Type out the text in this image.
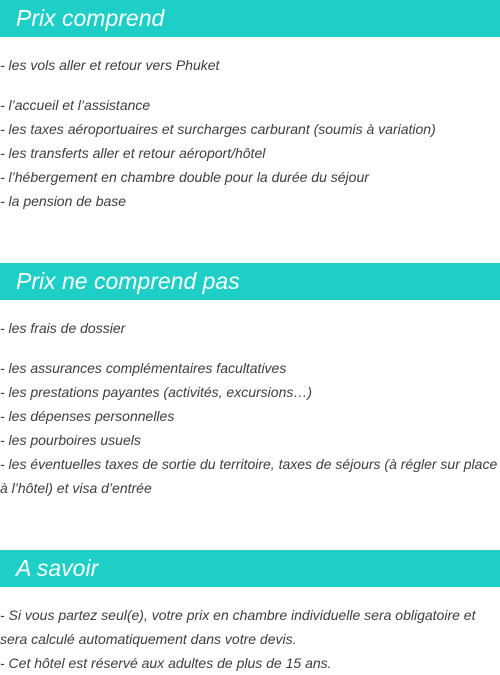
Prix comprend
- les vols aller et retour vers Phuket
- l’accueil et l’assistance
- les taxes aéroportuaires et surcharges carburant (soumis à variation)
- les transferts aller et retour aéroport/hôtel
- l’hébergement en chambre double pour la durée du séjour
- la pension de base
Prix ne comprend pas
- les frais de dossier
- les assurances complémentaires facultatives
- les prestations payantes (activités, excursions…)
- les dépenses personnelles
- les pourboires usuels
- les éventuelles taxes de sortie du territoire, taxes de séjours (à régler sur place à l’hôtel) et visa d’entrée
A savoir
- Si vous partez seul(e), votre prix en chambre individuelle sera obligatoire et sera calculé automatiquement dans votre devis.
- Cet hôtel est réservé aux adultes de plus de 15 ans.
